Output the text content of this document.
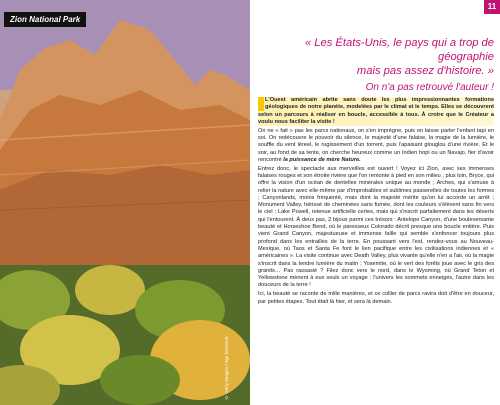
Zion National Park
© Getty Images / Age fotostock
11
« Les États-Unis, le pays qui a trop de géographie
mais pas assez d'histoire. »
On n'a pas retrouvé l'auteur !

L'Ouest américain abrite sans doute les plus impressionnantes formations géologiques de notre planète, modelées par le climat et le temps. Elles se découvrent selon un parcours à réaliser en boucle, accessible à tous. À croire que le Créateur a voulu nous faciliter la visite !

On ne « fait » pas les parcs nationaux, on s'en imprègne, puis on laisse parler l'enfant tapi en soi. On redécouvre le pouvoir du silence, le majesté d'une falaise, la magie de la lumière, le souffle du vent léreel, le rugissement d'un torrent, puis l'apaisant glouglou d'une rivière. Et le soir, au fond de sa tente, on cherche heureux comme un Indien hopi ou un Navajo, fier d'avoir rencontré la puissance de mère Nature.

Entrez donc, le spectacle aux merveilles est ouvert ! Voyez ici Zion, avec ses immenses falaises rouges et son étroite rivière que l'on remonte à pied en son milieu ; plus loin, Bryce, qui offre la vision d'un océan de dentelles minérales unique au monde ; Arches, qui s'amuse à relier la nature avec elle-même par d'improbables et sublimes passerelles de toutes les formes ; Canyonlands, moins fréquenté, mais dont la majesté mérite qu'on lui accorde un arrêt ; Monument Valley, hérissé de cheminées sans fumée, dont les couleurs s'élèvent sans fin vers le ciel ; Lake Powell, retenue artificielle certes, mais qui s'inscrit parfaitement dans les déserts qui l'entourent. À deux pas, 2 bijoux parmi ces trésors : Antelope Canyon, d'une bouleversante beauté et Horseshoe Bend, où le paresseux Colorado décrit presque une boucle entière. Puis vient Grand Canyon, majestueuse et immense faille qui semble s'enfoncer toujours plus profond dans les entrailles de la terre. En poussant vers l'est, rendez-vous au Nouveau-Mexique, où Taos et Santa Fe font le lien pacifique entre les civilisations indiennes et « américaines ». La visite continue avec Death Valley, plus vivante qu'elle n'en a l'air, où la magie s'inscrit dans la tendre lumière du matin ; Yosemite, où le vert des forêts joue avec le gris des granits… Pas rassasié ? Filez donc vers le nord, dans le Wyoming, où Grand Teton et Yellowstone mènent à eux seuls un voyage : l'univers les sommets enneigés, l'autre dans les douceurs de la terre !

Ici, la beauté se raconte de mille manières, et ce collier de parcs ravira doit d'être en douceur, par petites étapes. Tout était là hier, et sera là demain.
